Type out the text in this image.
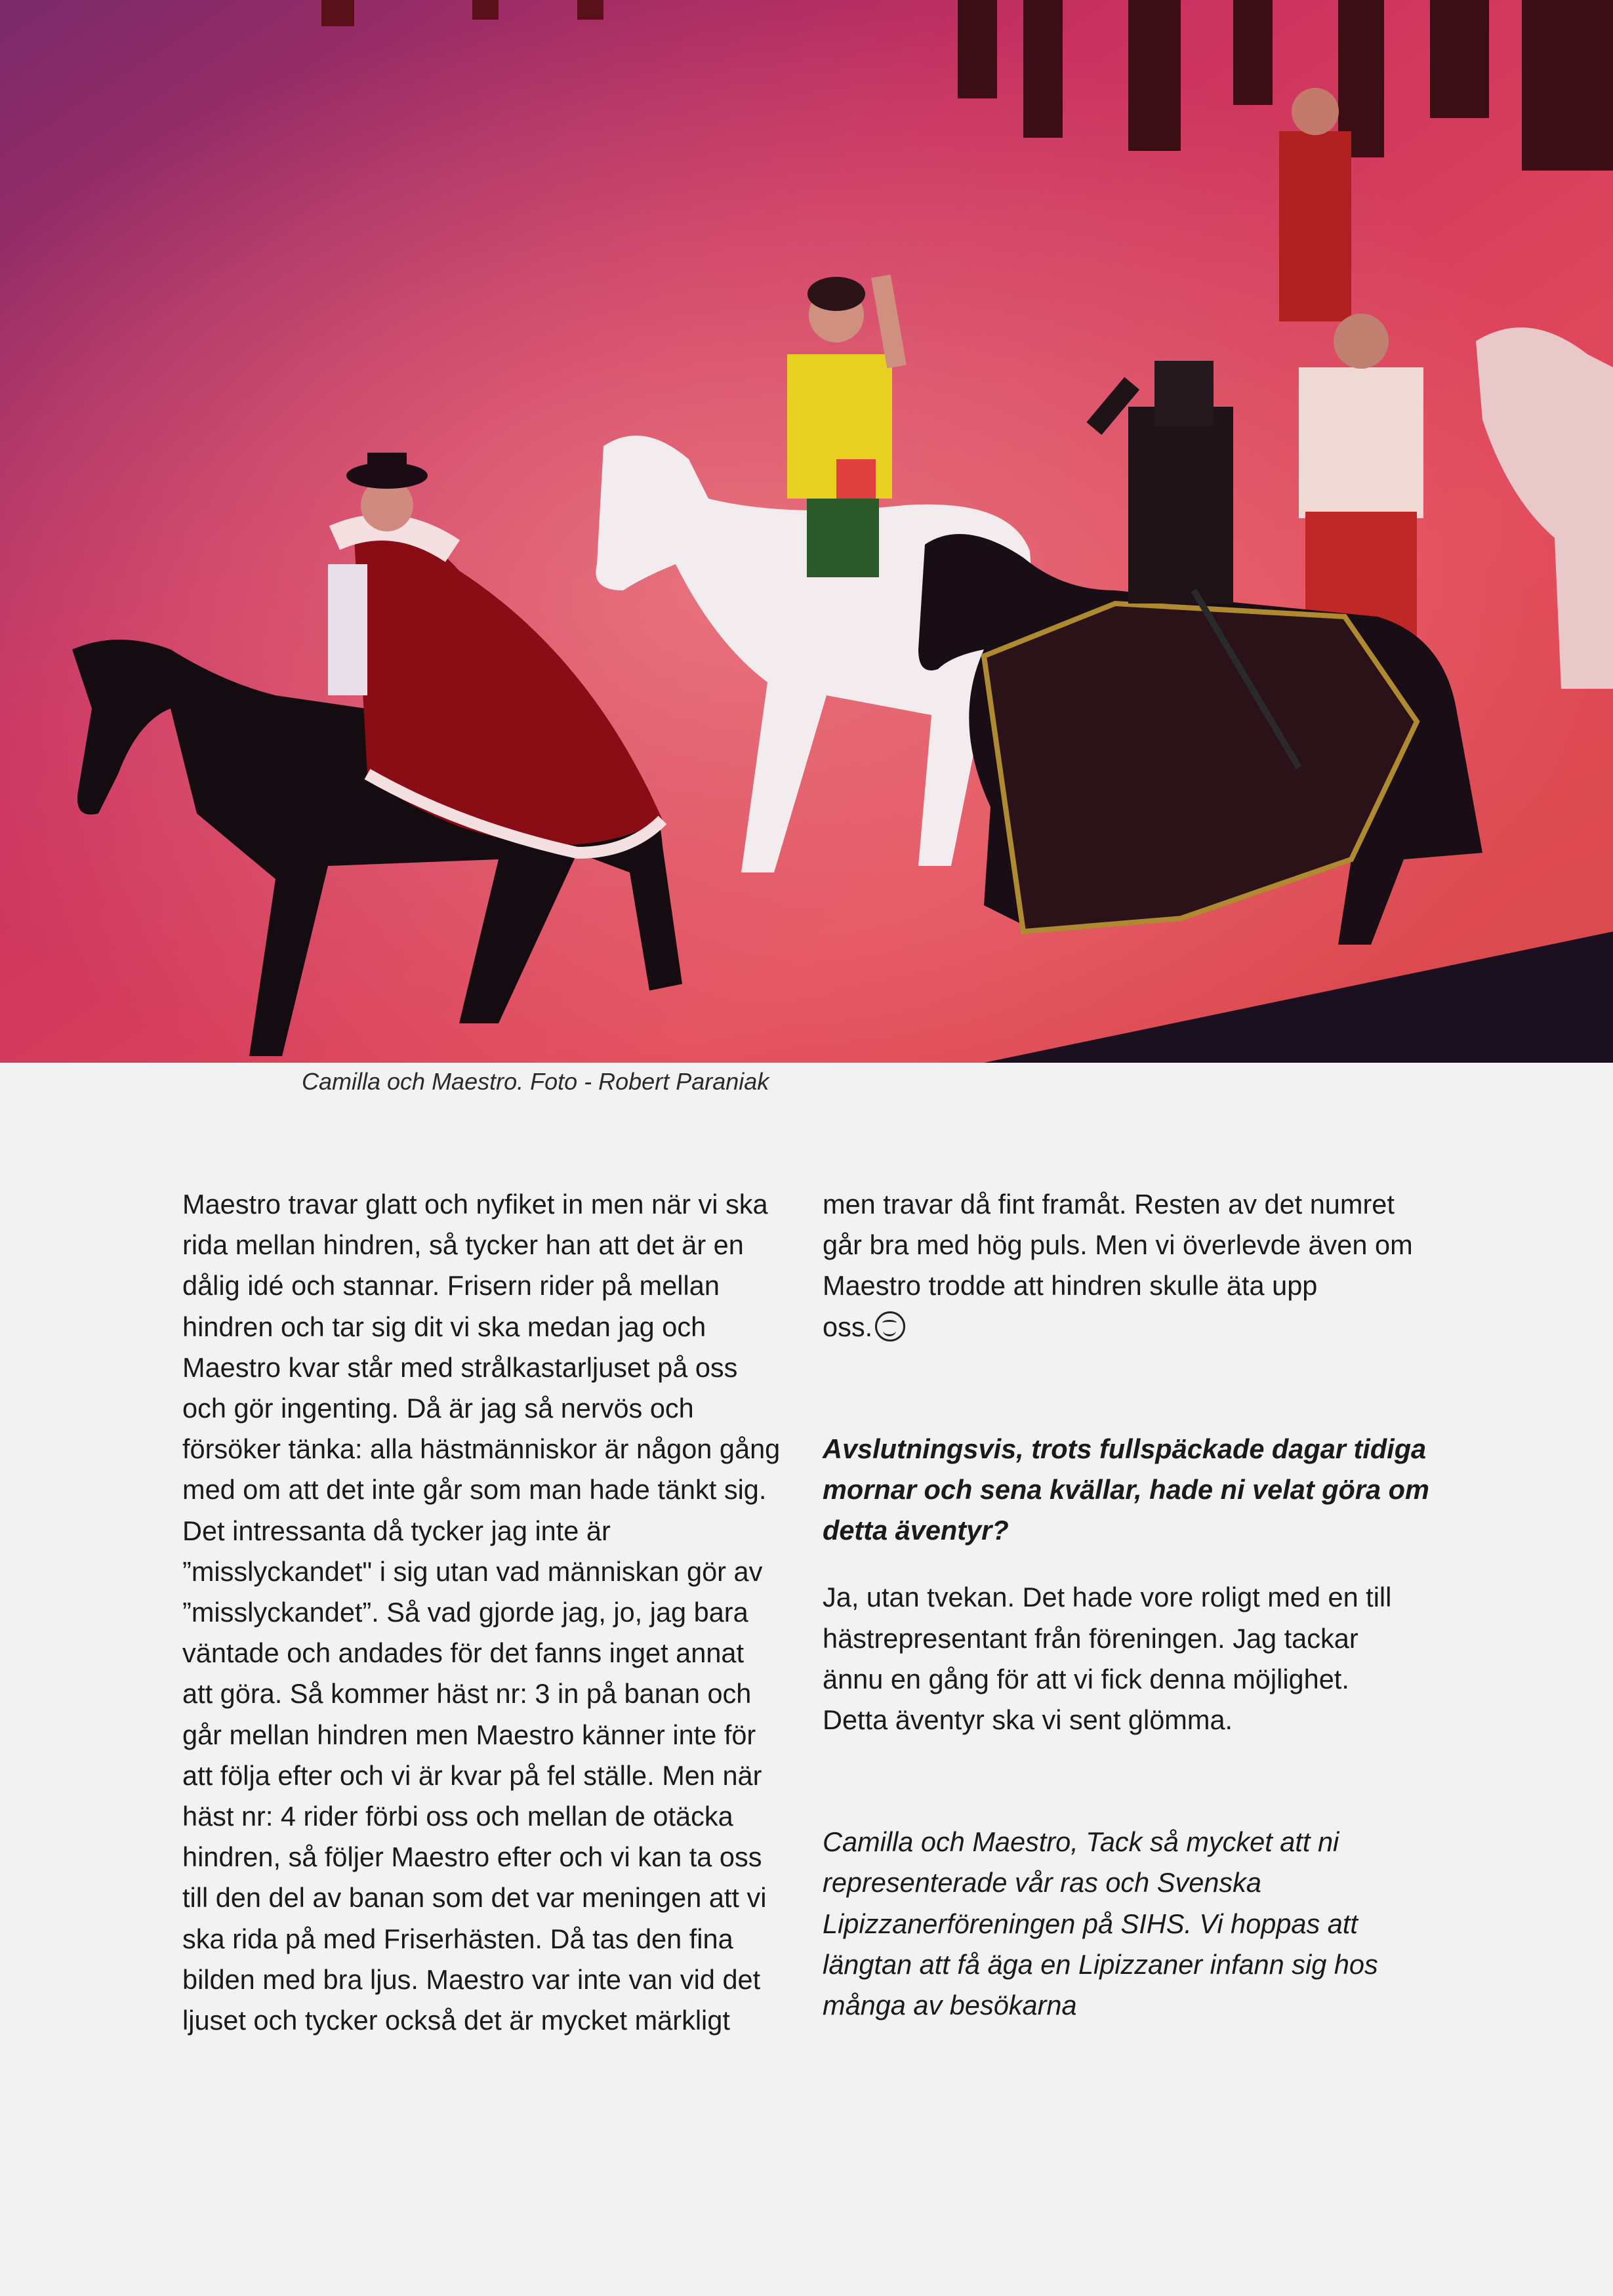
Camilla och Maestro. Foto - Robert Paraniak

Maestro travar glatt och nyfiket in men när vi ska
rida mellan hindren, så tycker han att det är en
dålig idé och stannar. Frisern rider på mellan
hindren och tar sig dit vi ska medan jag och
Maestro kvar står med strålkastarljuset på oss
och gör ingenting. Då är jag så nervös och
försöker tänka: alla hästmänniskor är någon gång
med om att det inte går som man hade tänkt sig.
Det intressanta då tycker jag inte är
”misslyckandet" i sig utan vad människan gör av
”misslyckandet”. Så vad gjorde jag, jo, jag bara
väntade och andades för det fanns inget annat
att göra. Så kommer häst nr: 3 in på banan och
går mellan hindren men Maestro känner inte för
att följa efter och vi är kvar på fel ställe. Men när
häst nr: 4 rider förbi oss och mellan de otäcka
hindren, så följer Maestro efter och vi kan ta oss
till den del av banan som det var meningen att vi
ska rida på med Friserhästen. Då tas den fina
bilden med bra ljus. Maestro var inte van vid det
ljuset och tycker också det är mycket märkligt

men travar då fint framåt. Resten av det numret
går bra med hög puls. Men vi överlevde även om
Maestro trodde att hindren skulle äta upp
oss.

Avslutningsvis, trots fullspäckade dagar tidiga
mornar och sena kvällar, hade ni velat göra om
detta äventyr?

Ja, utan tvekan. Det hade vore roligt med en till
hästrepresentant från föreningen. Jag tackar
ännu en gång för att vi fick denna möjlighet.
Detta äventyr ska vi sent glömma.

Camilla och Maestro, Tack så mycket att ni
representerade vår ras och Svenska
Lipizzanerföreningen på SIHS. Vi hoppas att
längtan att få äga en Lipizzaner infann sig hos
många av besökarna
